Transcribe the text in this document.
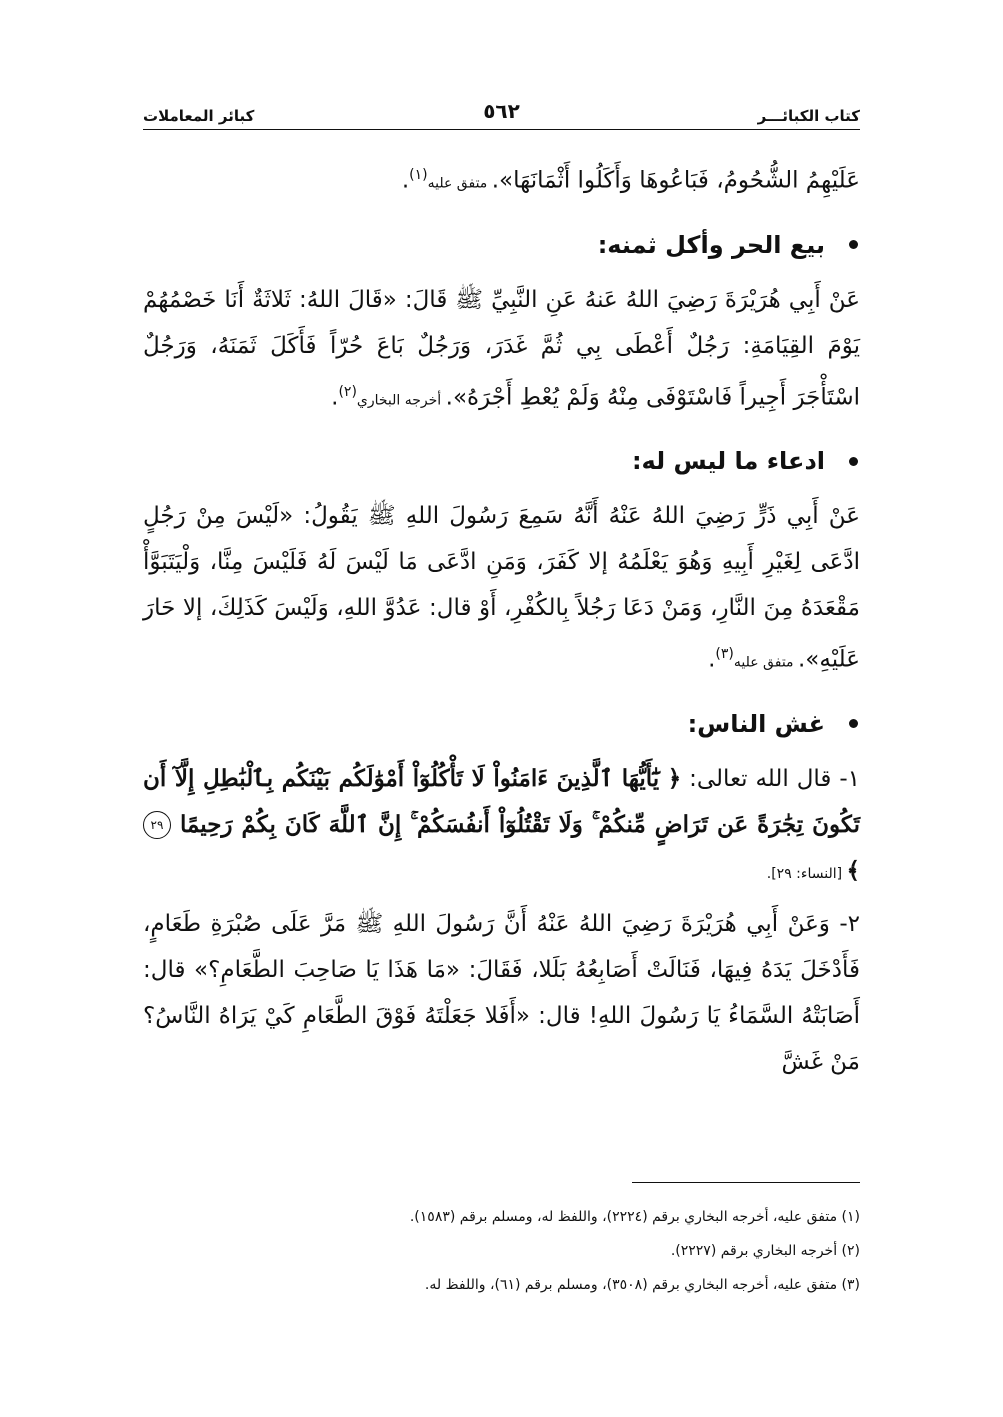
كتاب الكبائـــر
٥٦٢
كبائر المعاملات

عَلَيْهِمُ الشُّحُومُ، فَبَاعُوهَا وَأَكَلُوا أَثْمَانَهَا». متفق عليه$^{(١)}$.

بيع الحر وأكل ثمنه:

عَنْ أَبِي هُرَيْرَةَ رَضِيَ اللهُ عَنهُ عَنِ النَّبِيِّ ﷺ قَالَ: «قَالَ اللهُ: ثَلاثَةٌ أَنَا خَصْمُهُمْ يَوْمَ القِيَامَةِ: رَجُلٌ أَعْطَى بِي ثُمَّ غَدَرَ، وَرَجُلٌ بَاعَ حُرّاً فَأَكَلَ ثَمَنَهُ، وَرَجُلٌ اسْتَأْجَرَ أَجِيراً فَاسْتَوْفَى مِنْهُ وَلَمْ يُعْطِ أَجْرَهُ». أخرجه البخاري$^{(٢)}$.

ادعاء ما ليس له:

عَنْ أَبِي ذَرٍّ رَضِيَ اللهُ عَنْهُ أَنَّهُ سَمِعَ رَسُولَ اللهِ ﷺ يَقُولُ: «لَيْسَ مِنْ رَجُلٍ ادَّعَى لِغَيْرِ أَبِيهِ وَهُوَ يَعْلَمُهُ إلا كَفَرَ، وَمَنِ ادَّعَى مَا لَيْسَ لَهُ فَلَيْسَ مِنَّا، وَلْيَتَبَوَّأْ مَقْعَدَهُ مِنَ النَّارِ، وَمَنْ دَعَا رَجُلاً بِالكُفْرِ، أَوْ قال: عَدُوَّ اللهِ، وَلَيْسَ كَذَلِكَ، إلا حَارَ عَلَيْهِ». متفق عليه$^{(٣)}$.

غش الناس:

١- قال الله تعالى: ﴿ يَٰٓأَيُّهَا ٱلَّذِينَ ءَامَنُواْ لَا تَأْكُلُوٓاْ أَمْوَٰلَكُم بَيْنَكُم بِٱلْبَٰطِلِ إِلَّآ أَن تَكُونَ تِجَٰرَةً عَن تَرَاضٍ مِّنكُمْ ۚ وَلَا تَقْتُلُوٓاْ أَنفُسَكُمْ ۚ إِنَّ ٱللَّهَ كَانَ بِكُمْ رَحِيمًا ٢٩ ﴾ [النساء: ٢٩].

٢- وَعَنْ أَبِي هُرَيْرَةَ رَضِيَ اللهُ عَنْهُ أَنَّ رَسُولَ اللهِ ﷺ مَرَّ عَلَى صُبْرَةِ طَعَامٍ، فَأَدْخَلَ يَدَهُ فِيهَا، فَنَالَتْ أَصَابِعُهُ بَلَلا، فَقَالَ: «مَا هَذَا يَا صَاحِبَ الطَّعَامِ؟» قال: أَصَابَتْهُ السَّمَاءُ يَا رَسُولَ اللهِ! قال: «أَفَلا جَعَلْتَهُ فَوْقَ الطَّعَامِ كَيْ يَرَاهُ النَّاسُ؟ مَنْ غَشَّ

(١) متفق عليه، أخرجه البخاري برقم (٢٢٢٤)، واللفظ له، ومسلم برقم (١٥٨٣).

(٢) أخرجه البخاري برقم (٢٢٢٧).

(٣) متفق عليه، أخرجه البخاري برقم (٣٥٠٨)، ومسلم برقم (٦١)، واللفظ له.
